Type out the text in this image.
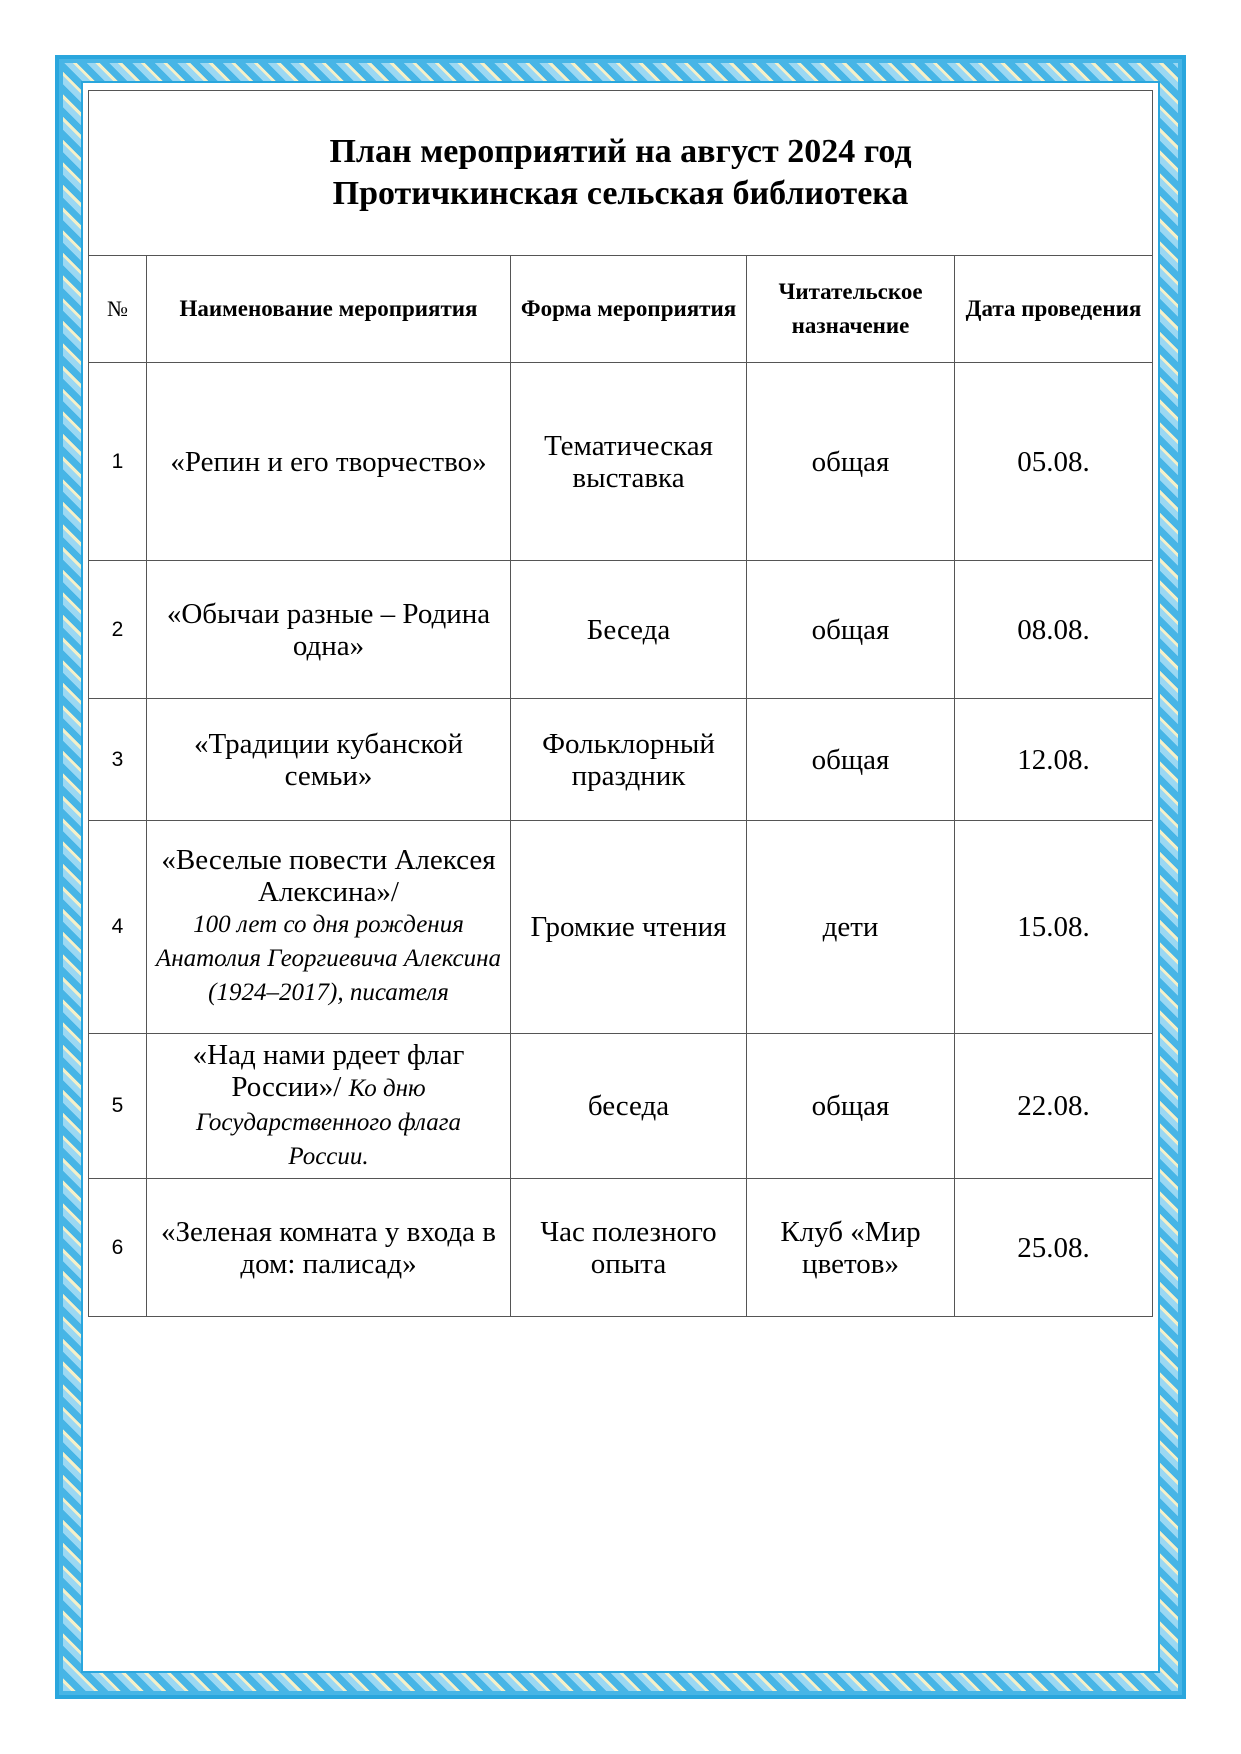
План мероприятий на август 2024 год
Протичкинская сельская библиотека				

№	Наименование мероприятия	Форма мероприятия	Читательское назначение	Дата проведения
1	«Репин и его творчество»	Тематическая выставка	общая	05.08.
2	«Обычаи разные – Родина одна»	Беседа	общая	08.08.
3	«Традиции кубанской семьи»	Фольклорный праздник	общая	12.08.
4	«Веселые повести Алексея Алексина»/
100 лет со дня рождения Анатолия Георгиевича Алексина (1924–2017), писателя	Громкие чтения	дети	15.08.
5	«Над нами рдеет флаг России»/ Ко дню Государственного флага России.	беседа	общая	22.08.
6	«Зеленая комната у входа в дом: палисад»	Час полезного опыта	Клуб «Мир цветов»	25.08.
